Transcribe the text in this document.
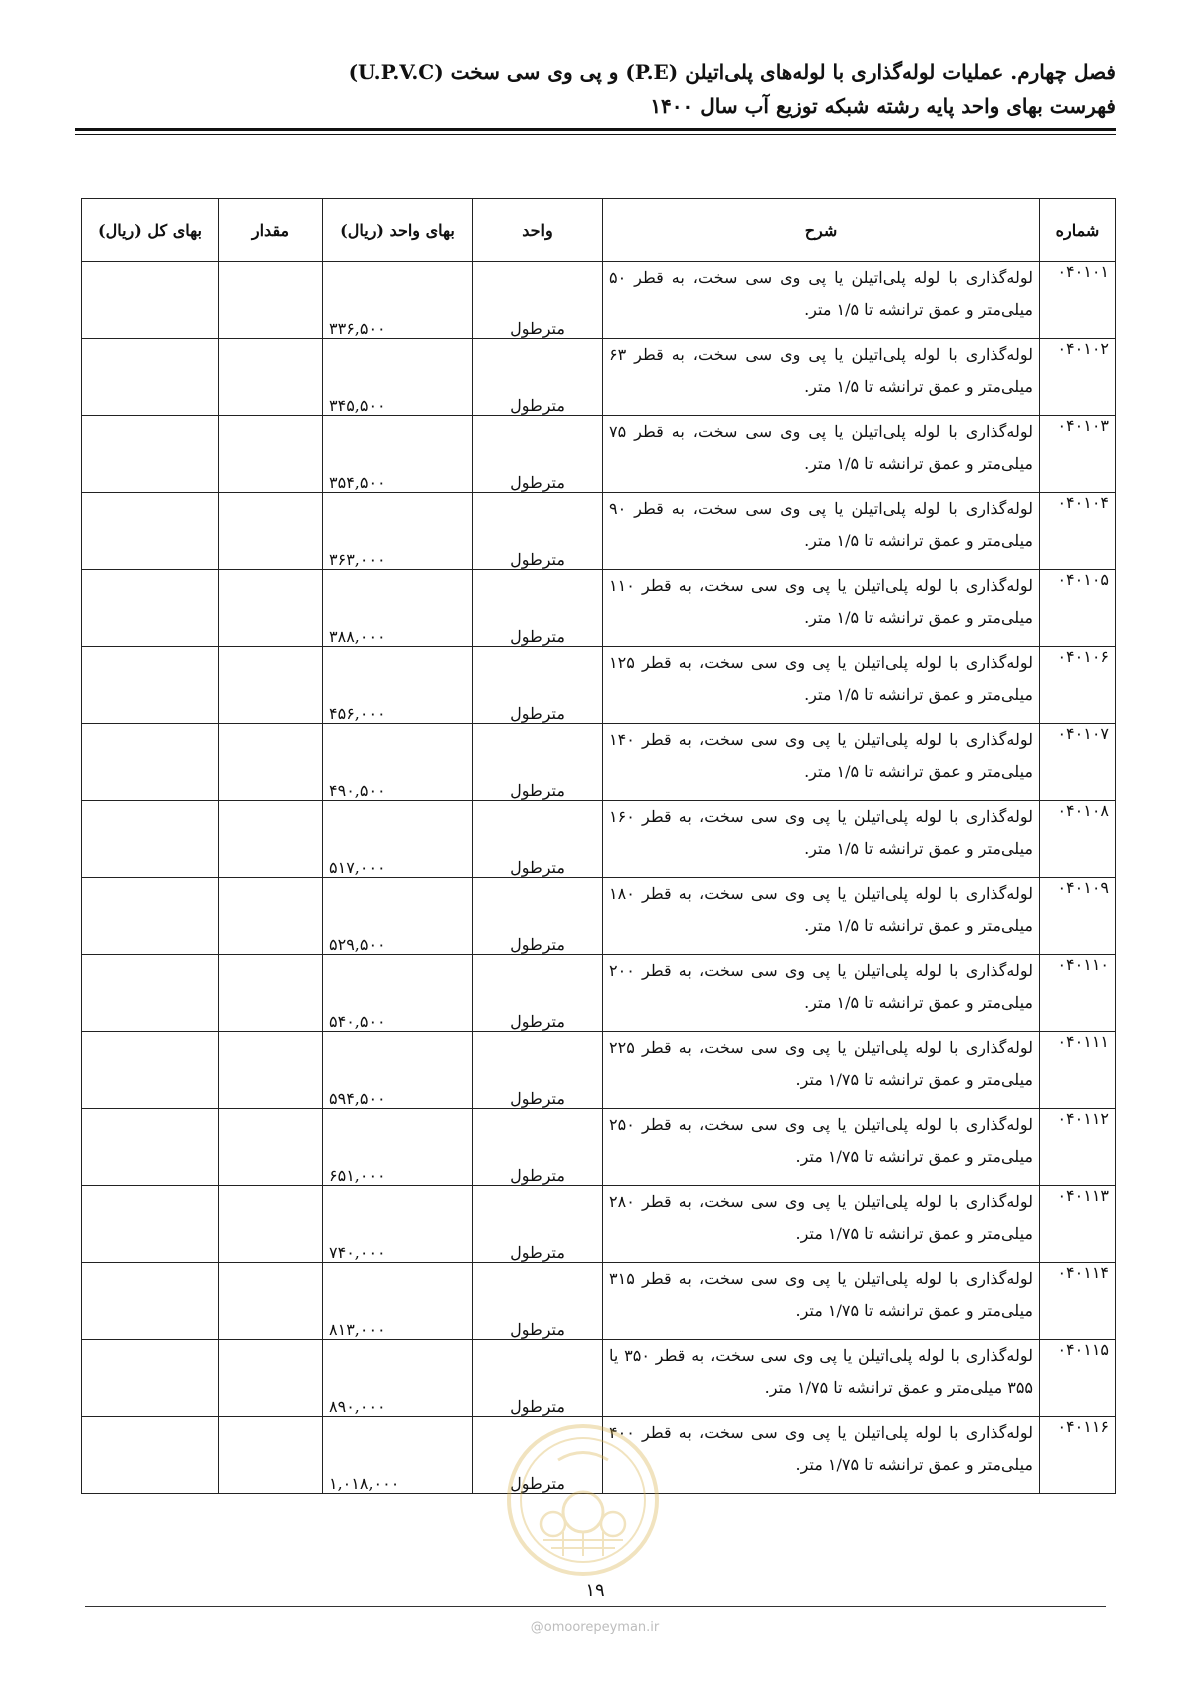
فصل چهارم. عملیات لوله‌گذاری با لوله‌های پلی‌اتیلن (P.E) و پی وی سی سخت (U.P.V.C)
فهرست بهای واحد پایه رشته شبکه توزیع آب سال ۱۴۰۰
شماره	شرح	واحد	بهای واحد (ریال)	مقدار	بهای کل (ریال)
۰۴۰۱۰۱	لوله‌گذاری با لوله پلی‌اتیلن یا پی وی سی سخت، به قطر ۵۰ میلی‌متر و عمق ترانشه تا ۱/۵ متر.	مترطول	۳۳۶,۵۰۰		
۰۴۰۱۰۲	لوله‌گذاری با لوله پلی‌اتیلن یا پی وی سی سخت، به قطر ۶۳ میلی‌متر و عمق ترانشه تا ۱/۵ متر.	مترطول	۳۴۵,۵۰۰		
۰۴۰۱۰۳	لوله‌گذاری با لوله پلی‌اتیلن یا پی وی سی سخت، به قطر ۷۵ میلی‌متر و عمق ترانشه تا ۱/۵ متر.	مترطول	۳۵۴,۵۰۰		
۰۴۰۱۰۴	لوله‌گذاری با لوله پلی‌اتیلن یا پی وی سی سخت، به قطر ۹۰ میلی‌متر و عمق ترانشه تا ۱/۵ متر.	مترطول	۳۶۳,۰۰۰		
۰۴۰۱۰۵	لوله‌گذاری با لوله پلی‌اتیلن یا پی وی سی سخت، به قطر ۱۱۰ میلی‌متر و عمق ترانشه تا ۱/۵ متر.	مترطول	۳۸۸,۰۰۰		
۰۴۰۱۰۶	لوله‌گذاری با لوله پلی‌اتیلن یا پی وی سی سخت، به قطر ۱۲۵ میلی‌متر و عمق ترانشه تا ۱/۵ متر.	مترطول	۴۵۶,۰۰۰		
۰۴۰۱۰۷	لوله‌گذاری با لوله پلی‌اتیلن یا پی وی سی سخت، به قطر ۱۴۰ میلی‌متر و عمق ترانشه تا ۱/۵ متر.	مترطول	۴۹۰,۵۰۰		
۰۴۰۱۰۸	لوله‌گذاری با لوله پلی‌اتیلن یا پی وی سی سخت، به قطر ۱۶۰ میلی‌متر و عمق ترانشه تا ۱/۵ متر.	مترطول	۵۱۷,۰۰۰		
۰۴۰۱۰۹	لوله‌گذاری با لوله پلی‌اتیلن یا پی وی سی سخت، به قطر ۱۸۰ میلی‌متر و عمق ترانشه تا ۱/۵ متر.	مترطول	۵۲۹,۵۰۰		
۰۴۰۱۱۰	لوله‌گذاری با لوله پلی‌اتیلن یا پی وی سی سخت، به قطر ۲۰۰ میلی‌متر و عمق ترانشه تا ۱/۵ متر.	مترطول	۵۴۰,۵۰۰		
۰۴۰۱۱۱	لوله‌گذاری با لوله پلی‌اتیلن یا پی وی سی سخت، به قطر ۲۲۵ میلی‌متر و عمق ترانشه تا ۱/۷۵ متر.	مترطول	۵۹۴,۵۰۰		
۰۴۰۱۱۲	لوله‌گذاری با لوله پلی‌اتیلن یا پی وی سی سخت، به قطر ۲۵۰ میلی‌متر و عمق ترانشه تا ۱/۷۵ متر.	مترطول	۶۵۱,۰۰۰		
۰۴۰۱۱۳	لوله‌گذاری با لوله پلی‌اتیلن یا پی وی سی سخت، به قطر ۲۸۰ میلی‌متر و عمق ترانشه تا ۱/۷۵ متر.	مترطول	۷۴۰,۰۰۰		
۰۴۰۱۱۴	لوله‌گذاری با لوله پلی‌اتیلن یا پی وی سی سخت، به قطر ۳۱۵ میلی‌متر و عمق ترانشه تا ۱/۷۵ متر.	مترطول	۸۱۳,۰۰۰		
۰۴۰۱۱۵	لوله‌گذاری با لوله پلی‌اتیلن یا پی وی سی سخت، به قطر ۳۵۰ یا ۳۵۵ میلی‌متر و عمق ترانشه تا ۱/۷۵ متر.	مترطول	۸۹۰,۰۰۰		
۰۴۰۱۱۶	لوله‌گذاری با لوله پلی‌اتیلن یا پی وی سی سخت، به قطر ۴۰۰ میلی‌متر و عمق ترانشه تا ۱/۷۵ متر.	مترطول	۱,۰۱۸,۰۰۰		
۱۹
@omoorepeyman.ir
